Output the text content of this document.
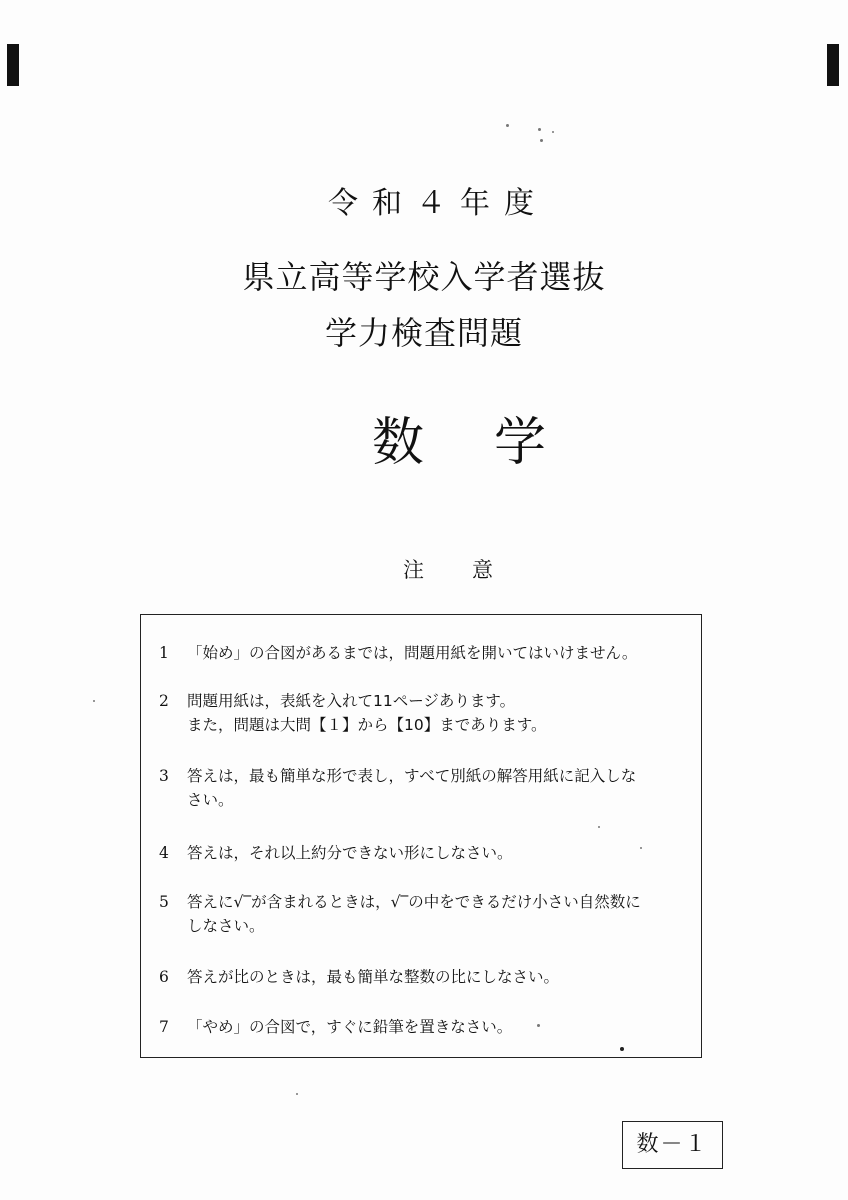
令和４年度
県立高等学校入学者選抜
学力検査問題
数学
注意
1	「始め」の合図があるまでは，問題用紙を開いてはいけません。
2	問題用紙は，表紙を入れて11ページあります。
また，問題は大問【１】から【10】まであります。
3	答えは，最も簡単な形で表し，すべて別紙の解答用紙に記入しな
さい。
4	答えは，それ以上約分できない形にしなさい。
5	答えに√‾が含まれるときは，√‾の中をできるだけ小さい自然数に
しなさい。
6	答えが比のときは，最も簡単な整数の比にしなさい。
7	「やめ」の合図で，すぐに鉛筆を置きなさい。
数－１
